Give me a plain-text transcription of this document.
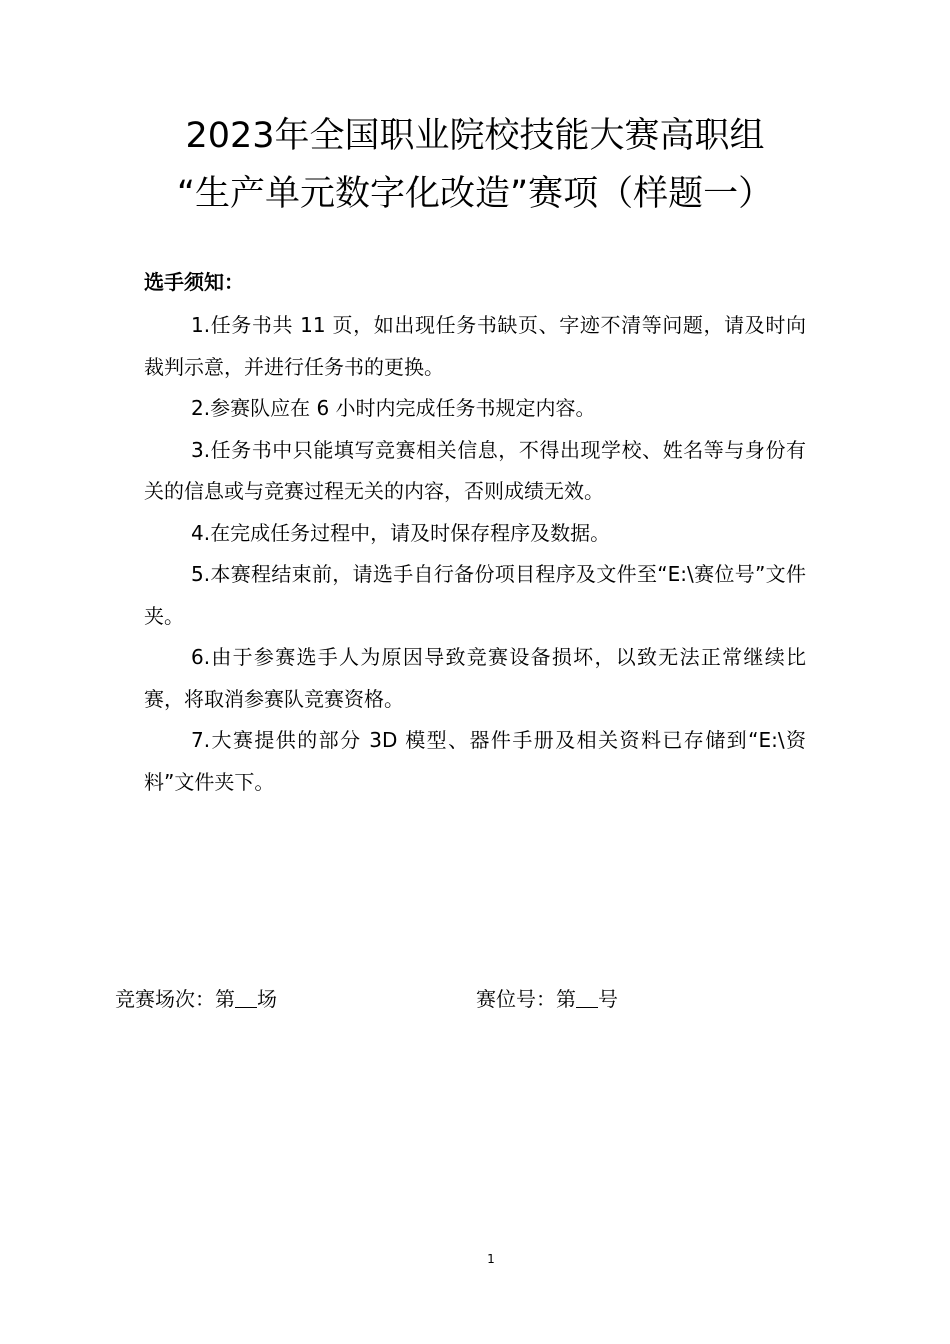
2023年全国职业院校技能大赛高职组
“生产单元数字化改造”赛项（样题一）
选手须知：
1.任务书共 11 页，如出现任务书缺页、字迹不清等问题，请及时向裁判示意，并进行任务书的更换。
2.参赛队应在 6 小时内完成任务书规定内容。
3.任务书中只能填写竞赛相关信息，不得出现学校、姓名等与身份有关的信息或与竞赛过程无关的内容，否则成绩无效。
4.在完成任务过程中，请及时保存程序及数据。
5.本赛程结束前，请选手自行备份项目程序及文件至“E:\赛位号”文件夹。
6.由于参赛选手人为原因导致竞赛设备损坏，以致无法正常继续比赛，将取消参赛队竞赛资格。
7.大赛提供的部分 3D 模型、器件手册及相关资料已存储到“E:\资料”文件夹下。
竞赛场次：第 场	赛位号：第 号
1
